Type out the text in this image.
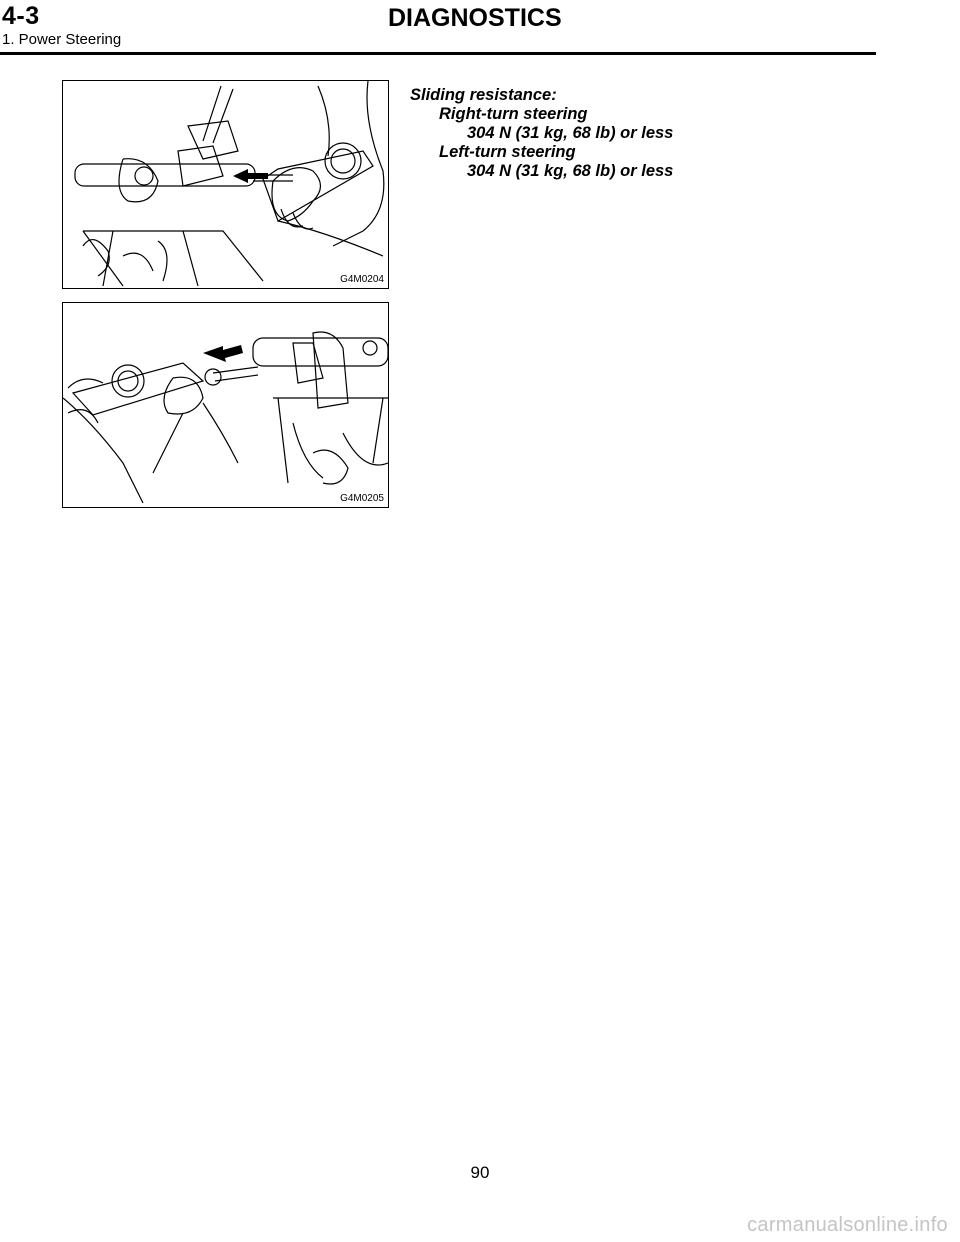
4-3	DIAGNOSTICS
1. Power Steering
G4M0204
G4M0205
Sliding resistance:
Right-turn steering
304 N (31 kg, 68 lb) or less
Left-turn steering
304 N (31 kg, 68 lb) or less
90
carmanualsonline.info
